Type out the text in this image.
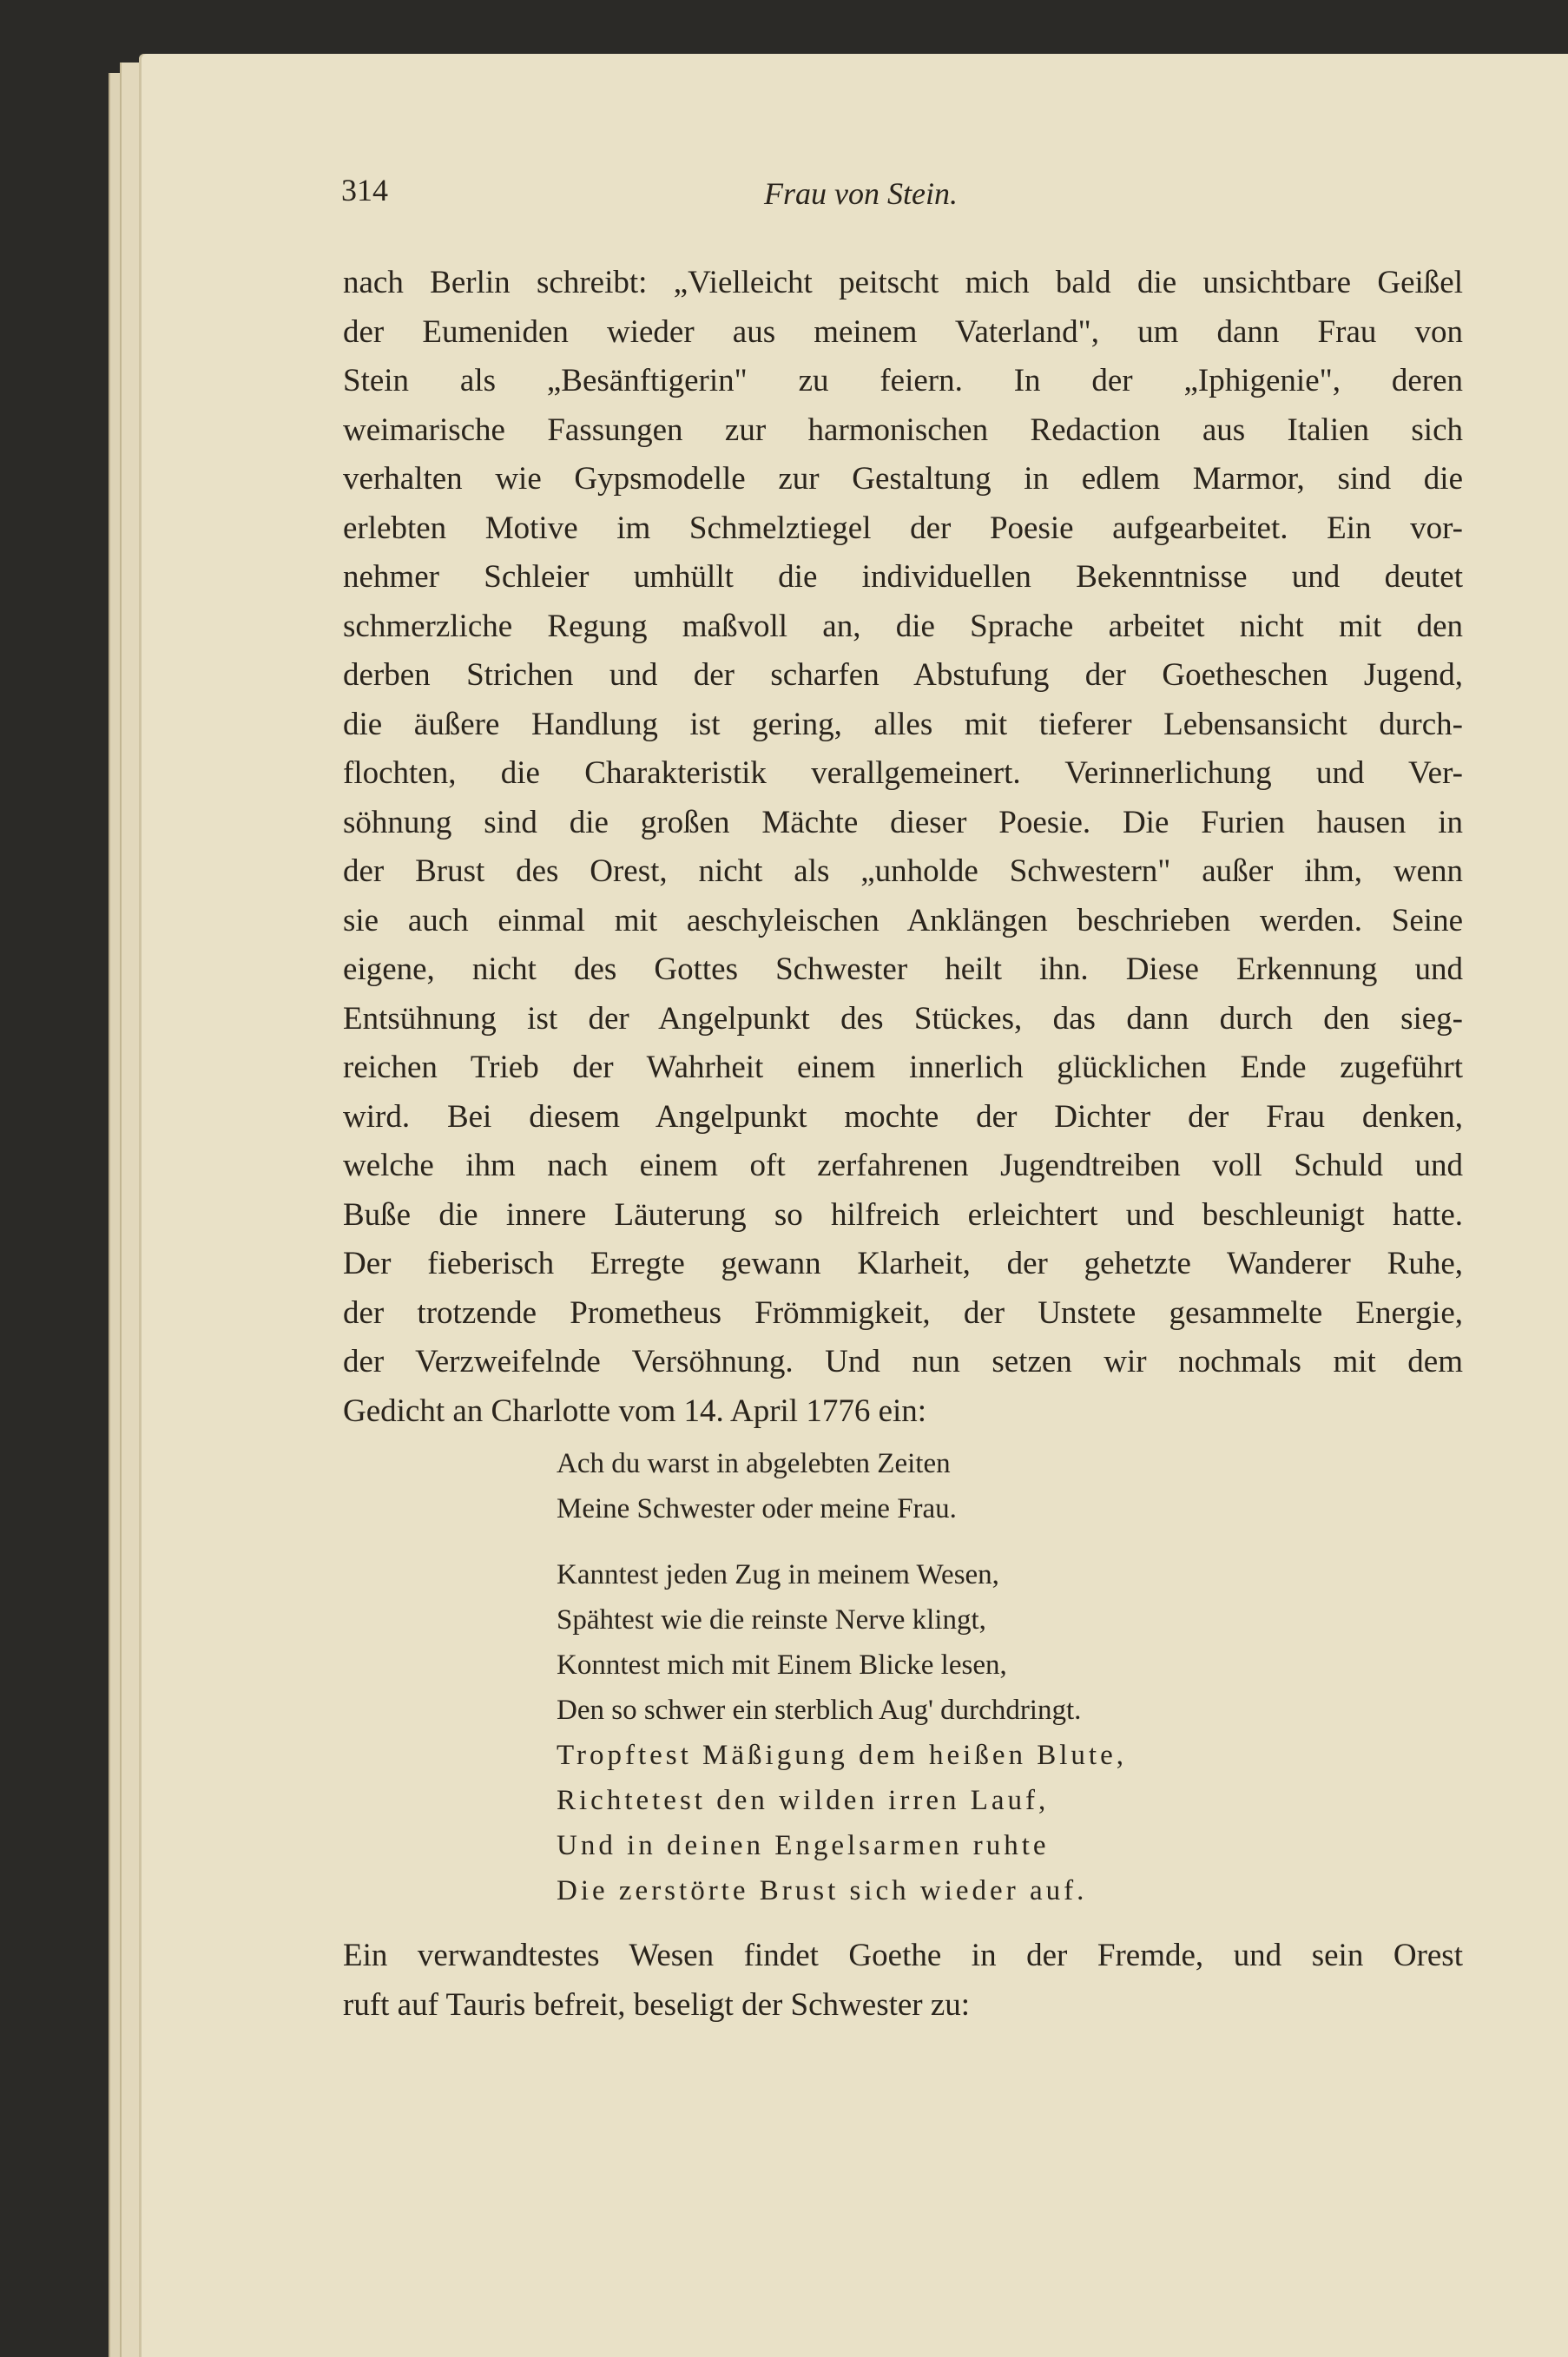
314	Frau von Stein.
nach Berlin schreibt: „Vielleicht peitscht mich bald die unsichtbare Geißel
der Eumeniden wieder aus meinem Vaterland", um dann Frau von
Stein als „Besänftigerin" zu feiern. In der „Iphigenie", deren
weimarische Fassungen zur harmonischen Redaction aus Italien sich
verhalten wie Gypsmodelle zur Gestaltung in edlem Marmor, sind die
erlebten Motive im Schmelztiegel der Poesie aufgearbeitet. Ein vor-
nehmer Schleier umhüllt die individuellen Bekenntnisse und deutet
schmerzliche Regung maßvoll an, die Sprache arbeitet nicht mit den
derben Strichen und der scharfen Abstufung der Goetheschen Jugend,
die äußere Handlung ist gering, alles mit tieferer Lebensansicht durch-
flochten, die Charakteristik verallgemeinert. Verinnerlichung und Ver-
söhnung sind die großen Mächte dieser Poesie. Die Furien hausen in
der Brust des Orest, nicht als „unholde Schwestern" außer ihm, wenn
sie auch einmal mit aeschyleischen Anklängen beschrieben werden. Seine
eigene, nicht des Gottes Schwester heilt ihn. Diese Erkennung und
Entsühnung ist der Angelpunkt des Stückes, das dann durch den sieg-
reichen Trieb der Wahrheit einem innerlich glücklichen Ende zugeführt
wird. Bei diesem Angelpunkt mochte der Dichter der Frau denken,
welche ihm nach einem oft zerfahrenen Jugendtreiben voll Schuld und
Buße die innere Läuterung so hilfreich erleichtert und beschleunigt hatte.
Der fieberisch Erregte gewann Klarheit, der gehetzte Wanderer Ruhe,
der trotzende Prometheus Frömmigkeit, der Unstete gesammelte Energie,
der Verzweifelnde Versöhnung. Und nun setzen wir nochmals mit dem
Gedicht an Charlotte vom 14. April 1776 ein:
Ach du warst in abgelebten Zeiten
Meine Schwester oder meine Frau.
Kanntest jeden Zug in meinem Wesen,
Spähtest wie die reinste Nerve klingt,
Konntest mich mit Einem Blicke lesen,
Den so schwer ein sterblich Aug' durchdringt.
Tropftest Mäßigung dem heißen Blute,
Richtetest den wilden irren Lauf,
Und in deinen Engelsarmen ruhte
Die zerstörte Brust sich wieder auf.
Ein verwandtestes Wesen findet Goethe in der Fremde, und sein Orest
ruft auf Tauris befreit, beseligt der Schwester zu:
